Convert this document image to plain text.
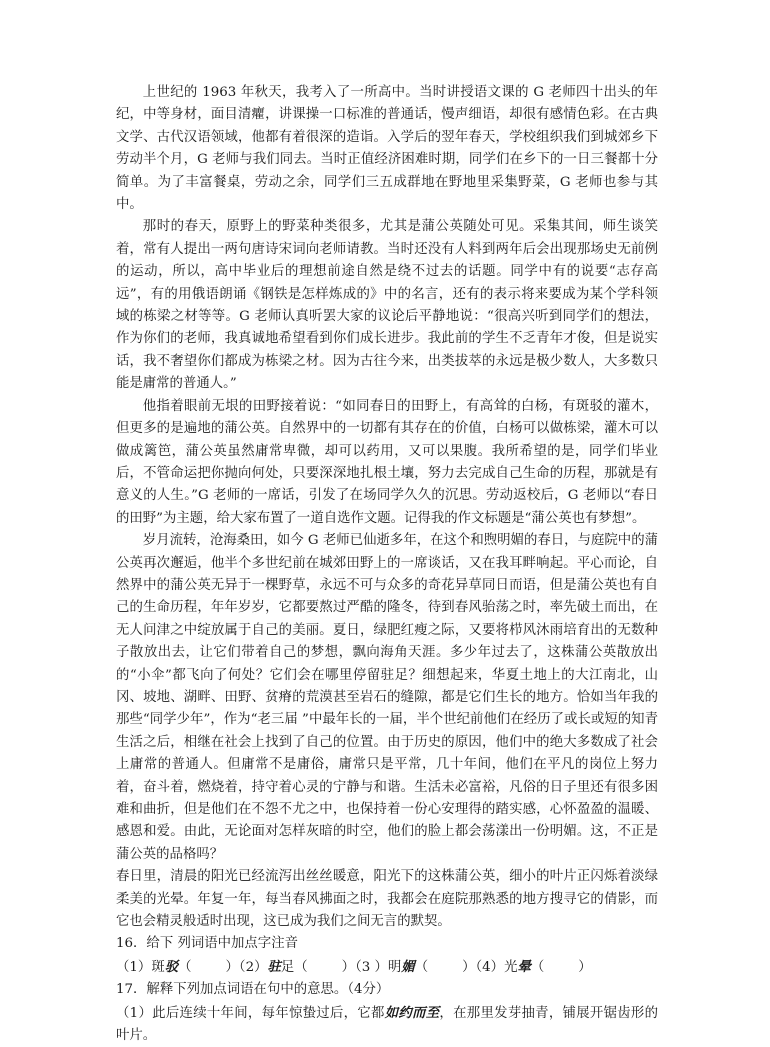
上世纪的 1963 年秋天，我考入了一所高中。当时讲授语文课的 G 老师四十出头的年纪，中等身材，面目清癯，讲课操一口标准的普通话，慢声细语，却很有感情色彩。在古典文学、古代汉语领域，他都有着很深的造诣。入学后的翌年春天，学校组织我们到城郊乡下劳动半个月，G 老师与我们同去。当时正值经济困难时期，同学们在乡下的一日三餐都十分简单。为了丰富餐桌，劳动之余，同学们三五成群地在野地里采集野菜，G 老师也参与其中。

那时的春天，原野上的野菜种类很多，尤其是蒲公英随处可见。采集其间，师生谈笑着，常有人提出一两句唐诗宋词向老师请教。当时还没有人料到两年后会出现那场史无前例的运动，所以，高中毕业后的理想前途自然是绕不过去的话题。同学中有的说要“志存高远”，有的用俄语朗诵《钢铁是怎样炼成的》中的名言，还有的表示将来要成为某个学科领域的栋梁之材等等。G 老师认真听罢大家的议论后平静地说：“很高兴听到同学们的想法，作为你们的老师，我真诚地希望看到你们成长进步。我此前的学生不乏青年才俊，但是说实话，我不奢望你们都成为栋梁之材。因为古往今来，出类拔萃的永远是极少数人，大多数只能是庸常的普通人。”

他指着眼前无垠的田野接着说：“如同春日的田野上，有高耸的白杨，有斑驳的灌木，但更多的是遍地的蒲公英。自然界中的一切都有其存在的价值，白杨可以做栋梁，灌木可以做成篱笆，蒲公英虽然庸常卑微，却可以药用，又可以果腹。我所希望的是，同学们毕业后，不管命运把你抛向何处，只要深深地扎根土壤，努力去完成自己生命的历程，那就是有意义的人生。”G 老师的一席话，引发了在场同学久久的沉思。劳动返校后，G 老师以“春日的田野”为主题，给大家布置了一道自选作文题。记得我的作文标题是“蒲公英也有梦想”。

岁月流转，沧海桑田，如今 G 老师已仙逝多年，在这个和煦明媚的春日，与庭院中的蒲公英再次邂逅，他半个多世纪前在城郊田野上的一席谈话，又在我耳畔响起。平心而论，自然界中的蒲公英无异于一棵野草，永远不可与众多的奇花异草同日而语，但是蒲公英也有自己的生命历程，年年岁岁，它都要熬过严酷的隆冬，待到春风骀荡之时，率先破土而出，在无人问津之中绽放属于自己的美丽。夏日，绿肥红瘦之际，又要将栉风沐雨培育出的无数种子散放出去，让它们带着自己的梦想，飘向海角天涯。多少年过去了，这株蒲公英散放出的“小伞”都飞向了何处？它们会在哪里停留驻足？细想起来，华夏土地上的大江南北，山冈、坡地、湖畔、田野、贫瘠的荒漠甚至岩石的缝隙，都是它们生长的地方。恰如当年我的那些“同学少年”，作为“老三届 ”中最年长的一届，半个世纪前他们在经历了或长或短的知青生活之后，相继在社会上找到了自己的位置。由于历史的原因，他们中的绝大多数成了社会上庸常的普通人。但庸常不是庸俗，庸常只是平常，几十年间，他们在平凡的岗位上努力着，奋斗着，燃烧着，持守着心灵的宁静与和谐。生活未必富裕，凡俗的日子里还有很多困难和曲折，但是他们在不怨不尤之中，也保持着一份心安理得的踏实感，心怀盈盈的温暖、感恩和爱。由此，无论面对怎样灰暗的时空，他们的脸上都会荡漾出一份明媚。这，不正是蒲公英的品格吗？

春日里，清晨的阳光已经流泻出丝丝暖意，阳光下的这株蒲公英，细小的叶片正闪烁着淡绿柔美的光晕。年复一年，每当春风拂面之时，我都会在庭院那熟悉的地方搜寻它的倩影，而它也会精灵般适时出现，这已成为我们之间无言的默契。

16．给下 列词语中加点字注音

（1）斑驳（	）（2）驻足（	）（3 ）明媚（	）（4）光晕（	）

17．解释下列加点词语在句中的意思。（4分）

（1）此后连续十年间，每年惊蛰过后，它都如约而至，在那里发芽抽青，铺展开锯齿形的叶片。
